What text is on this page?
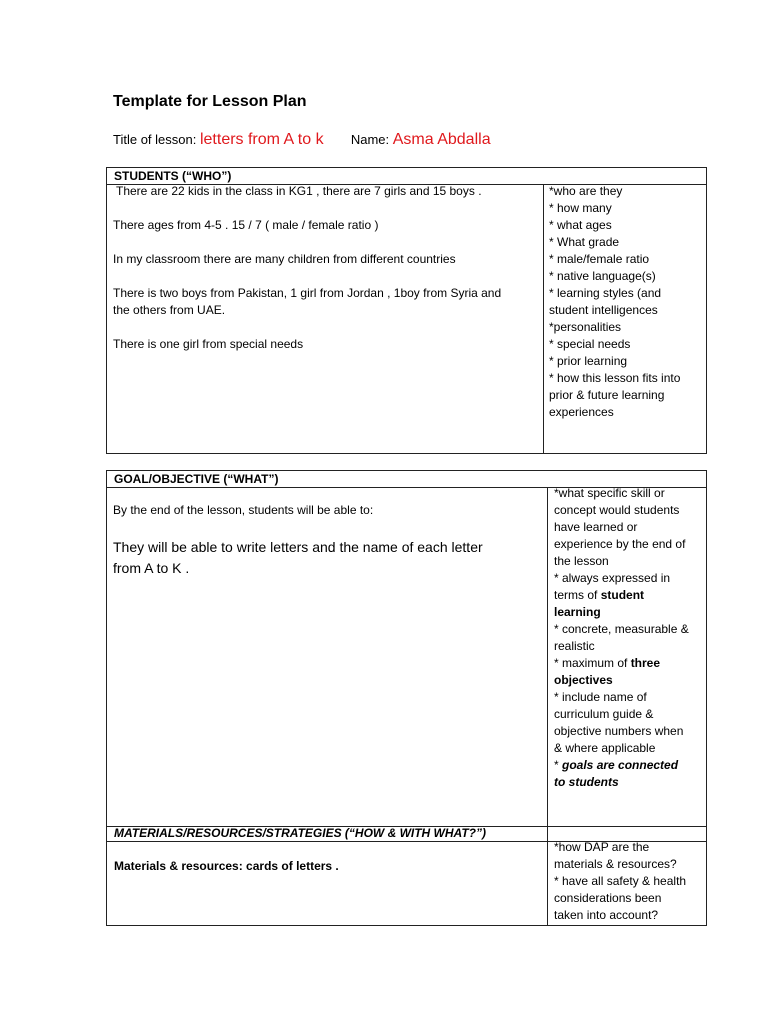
Template for Lesson Plan
Title of lesson: letters from A to k Name: Asma Abdalla
STUDENTS (“WHO”)
There are 22 kids in the class in KG1 , there are 7 girls and 15 boys .
There ages from 4-5 . 15 / 7 ( male / female ratio )
In my classroom there are many children from different countries
There is two boys from Pakistan, 1 girl from Jordan , 1boy from Syria and
the others from UAE.
There is one girl from special needs
*who are they
* how many
* what ages
* What grade
* male/female ratio
* native language(s)
* learning styles (and
student intelligences
*personalities
* special needs
* prior learning
* how this lesson fits into
prior & future learning
experiences
GOAL/OBJECTIVE (“WHAT”)
By the end of the lesson, students will be able to:
They will be able to write letters and the name of each letter
from A to K .
*what specific skill or
concept would students
have learned or
experience by the end of
the lesson
* always expressed in
terms of student
learning
* concrete, measurable &
realistic
* maximum of three
objectives
* include name of
curriculum guide &
objective numbers when
& where applicable
* goals are connected
to students
MATERIALS/RESOURCES/STRATEGIES (“HOW & WITH WHAT?”)
Materials & resources: cards of letters .
*how DAP are the
materials & resources?
* have all safety & health
considerations been
taken into account?
